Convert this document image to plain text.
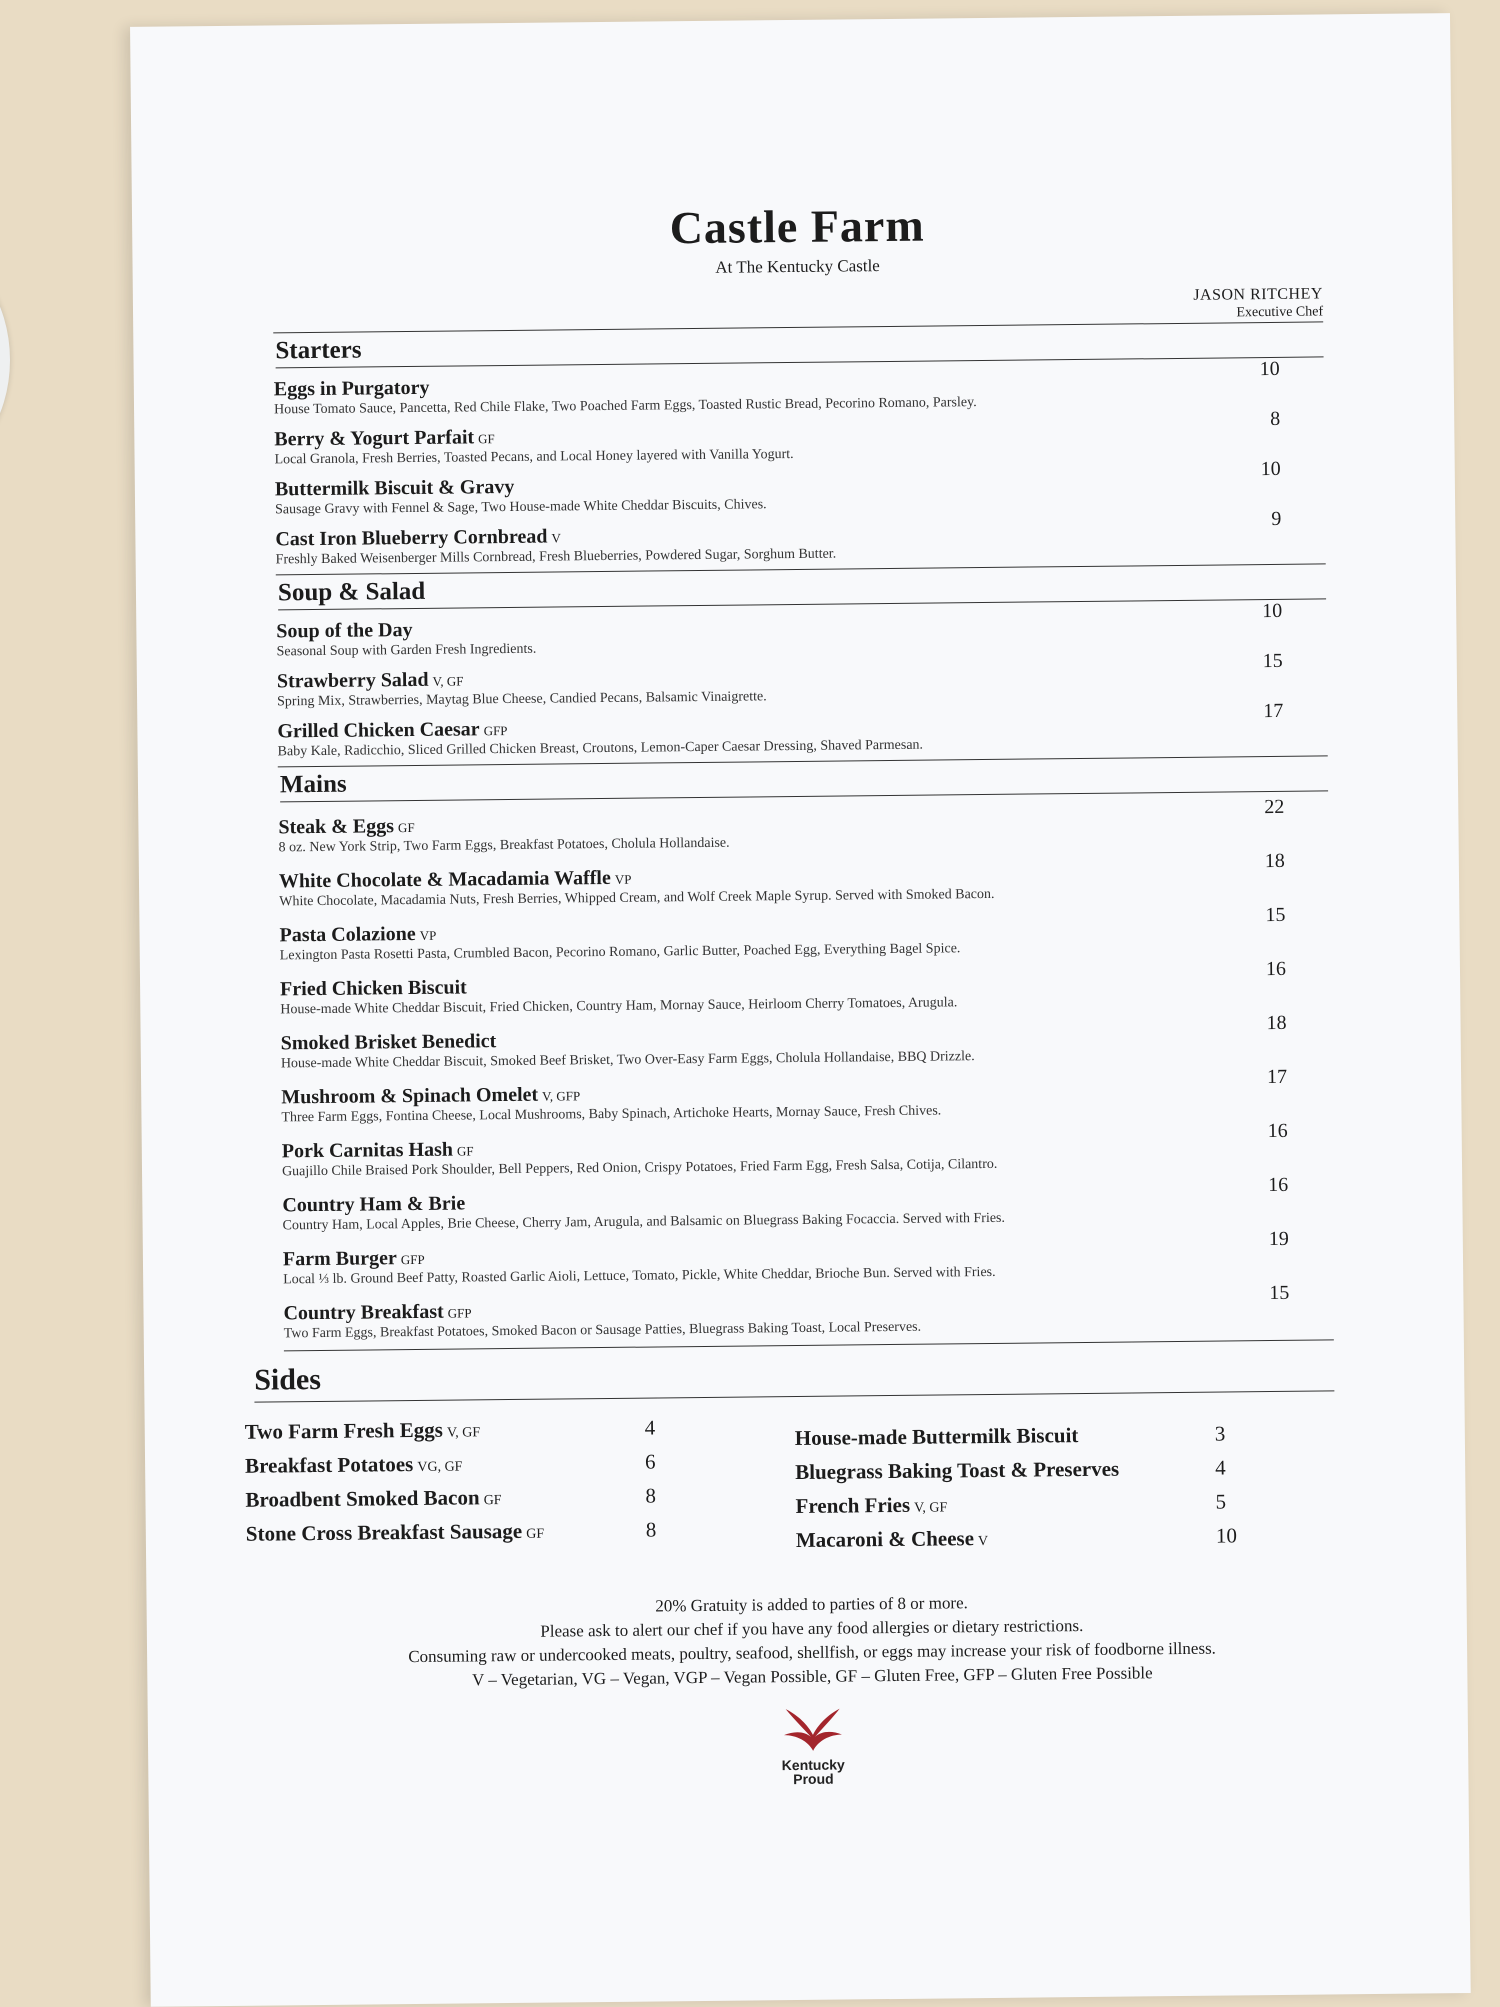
Castle Farm
At The Kentucky Castle
JASON RITCHEY
Executive Chef
Starters
Eggs in Purgatory
House Tomato Sauce, Pancetta, Red Chile Flake, Two Poached Farm Eggs, Toasted Rustic Bread, Pecorino Romano, Parsley.
10
Berry & Yogurt Parfait GF
Local Granola, Fresh Berries, Toasted Pecans, and Local Honey layered with Vanilla Yogurt.
8
Buttermilk Biscuit & Gravy
Sausage Gravy with Fennel & Sage, Two House-made White Cheddar Biscuits, Chives.
10
Cast Iron Blueberry Cornbread V
Freshly Baked Weisenberger Mills Cornbread, Fresh Blueberries, Powdered Sugar, Sorghum Butter.
9
Soup & Salad
Soup of the Day
Seasonal Soup with Garden Fresh Ingredients.
10
Strawberry Salad V, GF
Spring Mix, Strawberries, Maytag Blue Cheese, Candied Pecans, Balsamic Vinaigrette.
15
Grilled Chicken Caesar GFP
Baby Kale, Radicchio, Sliced Grilled Chicken Breast, Croutons, Lemon-Caper Caesar Dressing, Shaved Parmesan.
17
Mains
Steak & Eggs GF
8 oz. New York Strip, Two Farm Eggs, Breakfast Potatoes, Cholula Hollandaise.
22
White Chocolate & Macadamia Waffle VP
White Chocolate, Macadamia Nuts, Fresh Berries, Whipped Cream, and Wolf Creek Maple Syrup. Served with Smoked Bacon.
18
Pasta Colazione VP
Lexington Pasta Rosetti Pasta, Crumbled Bacon, Pecorino Romano, Garlic Butter, Poached Egg, Everything Bagel Spice.
15
Fried Chicken Biscuit
House-made White Cheddar Biscuit, Fried Chicken, Country Ham, Mornay Sauce, Heirloom Cherry Tomatoes, Arugula.
16
Smoked Brisket Benedict
House-made White Cheddar Biscuit, Smoked Beef Brisket, Two Over-Easy Farm Eggs, Cholula Hollandaise, BBQ Drizzle.
18
Mushroom & Spinach Omelet V, GFP
Three Farm Eggs, Fontina Cheese, Local Mushrooms, Baby Spinach, Artichoke Hearts, Mornay Sauce, Fresh Chives.
17
Pork Carnitas Hash GF
Guajillo Chile Braised Pork Shoulder, Bell Peppers, Red Onion, Crispy Potatoes, Fried Farm Egg, Fresh Salsa, Cotija, Cilantro.
16
Country Ham & Brie
Country Ham, Local Apples, Brie Cheese, Cherry Jam, Arugula, and Balsamic on Bluegrass Baking Focaccia. Served with Fries.
16
Farm Burger GFP
Local ⅓ lb. Ground Beef Patty, Roasted Garlic Aioli, Lettuce, Tomato, Pickle, White Cheddar, Brioche Bun. Served with Fries.
19
Country Breakfast GFP
Two Farm Eggs, Breakfast Potatoes, Smoked Bacon or Sausage Patties, Bluegrass Baking Toast, Local Preserves.
15
Sides
Two Farm Fresh Eggs V, GF	4
Breakfast Potatoes VG, GF	6
Broadbent Smoked Bacon GF	8
Stone Cross Breakfast Sausage GF	8
House-made Buttermilk Biscuit	3
Bluegrass Baking Toast & Preserves	4
French Fries V, GF	5
Macaroni & Cheese V	10
20% Gratuity is added to parties of 8 or more.
Please ask to alert our chef if you have any food allergies or dietary restrictions.
Consuming raw or undercooked meats, poultry, seafood, shellfish, or eggs may increase your risk of foodborne illness.
V – Vegetarian, VG – Vegan, VGP – Vegan Possible, GF – Gluten Free, GFP – Gluten Free Possible
Kentucky
Proud
